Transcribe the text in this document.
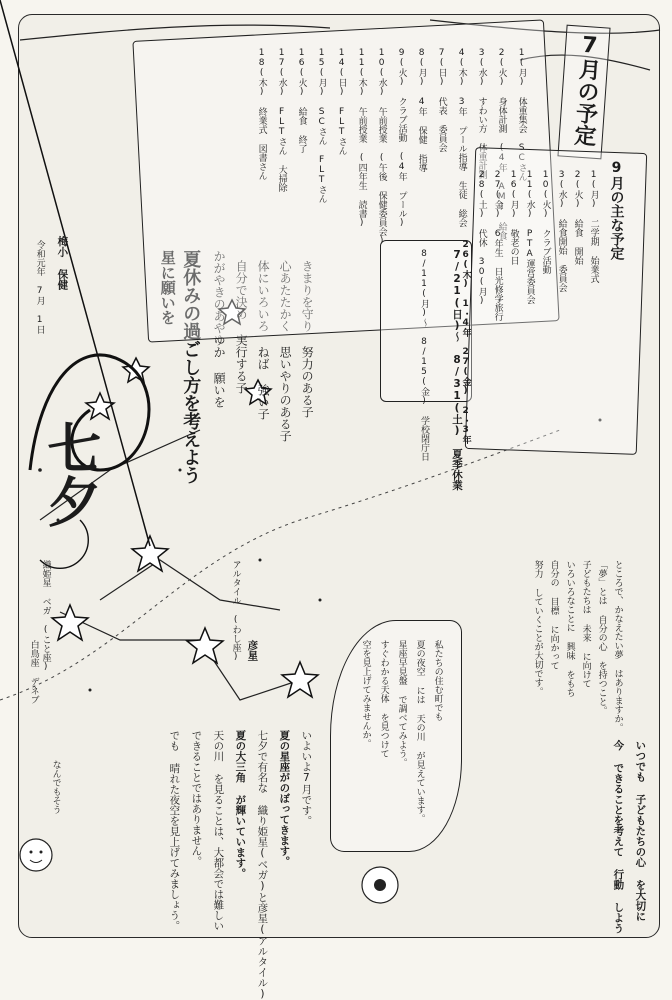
7月の予定
梅小 保健
令和元年 7月 1日
七夕
星に願いを 夏休みの過ごし方を考えよう かがやきのあやゆか 願いを 自分で決め 実行する子 体にいろいろ ねば 強い子 心あたたかく 思いやりのある子 きまりを守り 努力のある子
1(月) 体重集会 SCさん
2(火) 身体計測 (4年 AM) 給食
3(水) すわい方 体重計測
4(木) 3年 プール指導 生徒 総会
7(日) 代表 委員会
8(月) 4年 保健 指導
9(火) クラブ活動 (4年 プール)
10(水) 午前授業 (午後 保健委員会)
11(木) 午前授業 (四年生 読書)
14(日) FLTさん
15(月) SCさん FLTさん
16(火) 給食 終了
17(水) FLTさん 大掃除
18(木) 終業式 図書さん
7/21(日)〜 8/31(土) 夏季休業
8/11(月)〜 8/15(金) 学校閉庁日
9月の主な予定
1(月) 二学期 始業式
2(火) 給食 開始
3(水) 給食開始 委員会
10(火) クラブ活動
11(水) PTA運営委員会
16(月) 敬老の日
27(金) 6年生 日光修学旅行
28(土) 代休 30(月)
26(木) 1・4年 27(金) 2・3年
織姫星 ベガ (こと座)	アルタイル (わし座)
白鳥座 デネブ	彦星
いよいよ7月です。
夏の星座がのぼってきます。
七夕で有名な 織り姫星(ベガ)と彦星(アルタイル)
夏の大三角 が輝いています。
天の川 を見ることは、大都会では難しい
できることではありません。
でも 晴れた夜空を見上げてみましょう。
私たちの住む町でも
夏の夜空 には 天の川 が見えています。
星座早見盤 で調べてみよう。
すぐわかる天体 を見つけて
空を見上げてみませんか。	ところで、かなえたい夢 はありますか。
「夢」とは 自分の心 を持つこと。
子どもたちは 未来 に向けて
いろいろなことに 興味 をもち
自分の 目標 に向かって
努力 していくことが大切です。
いつでも 子どもたちの心 を大切に
今 できることを考えて 行動 しよう
なんでもそう
